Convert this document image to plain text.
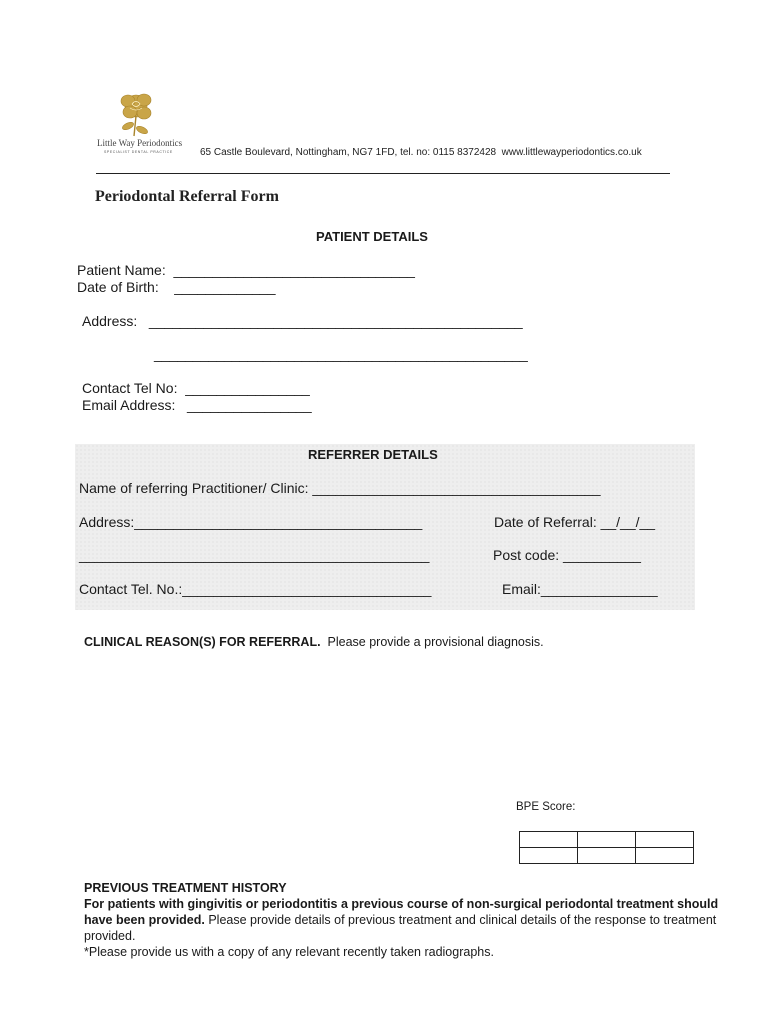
Little Way Periodontics
SPECIALIST DENTAL PRACTICE	65 Castle Boulevard, Nottingham, NG7 1FD, tel. no: 0115 8372428  www.littlewayperiodontics.co.uk
Periodontal Referral Form
PATIENT DETAILS
Patient Name:  _______________________________
Date of Birth:    _____________
Address:   ________________________________________________
________________________________________________
Contact Tel No:  ________________
Email Address:   ________________
REFERRER DETAILS
Name of referring Practitioner/ Clinic: _____________________________________
Address:_____________________________________	Date of Referral: __/__/__
_____________________________________________	Post code: __________
Contact Tel. No.:________________________________	Email:_______________
CLINICAL REASON(S) FOR REFERRAL.  Please provide a provisional diagnosis.
BPE Score:

PREVIOUS TREATMENT HISTORY
For patients with gingivitis or periodontitis a previous course of non-surgical periodontal treatment should have been provided. Please provide details of previous treatment and clinical details of the response to treatment provided.
*Please provide us with a copy of any relevant recently taken radiographs.
